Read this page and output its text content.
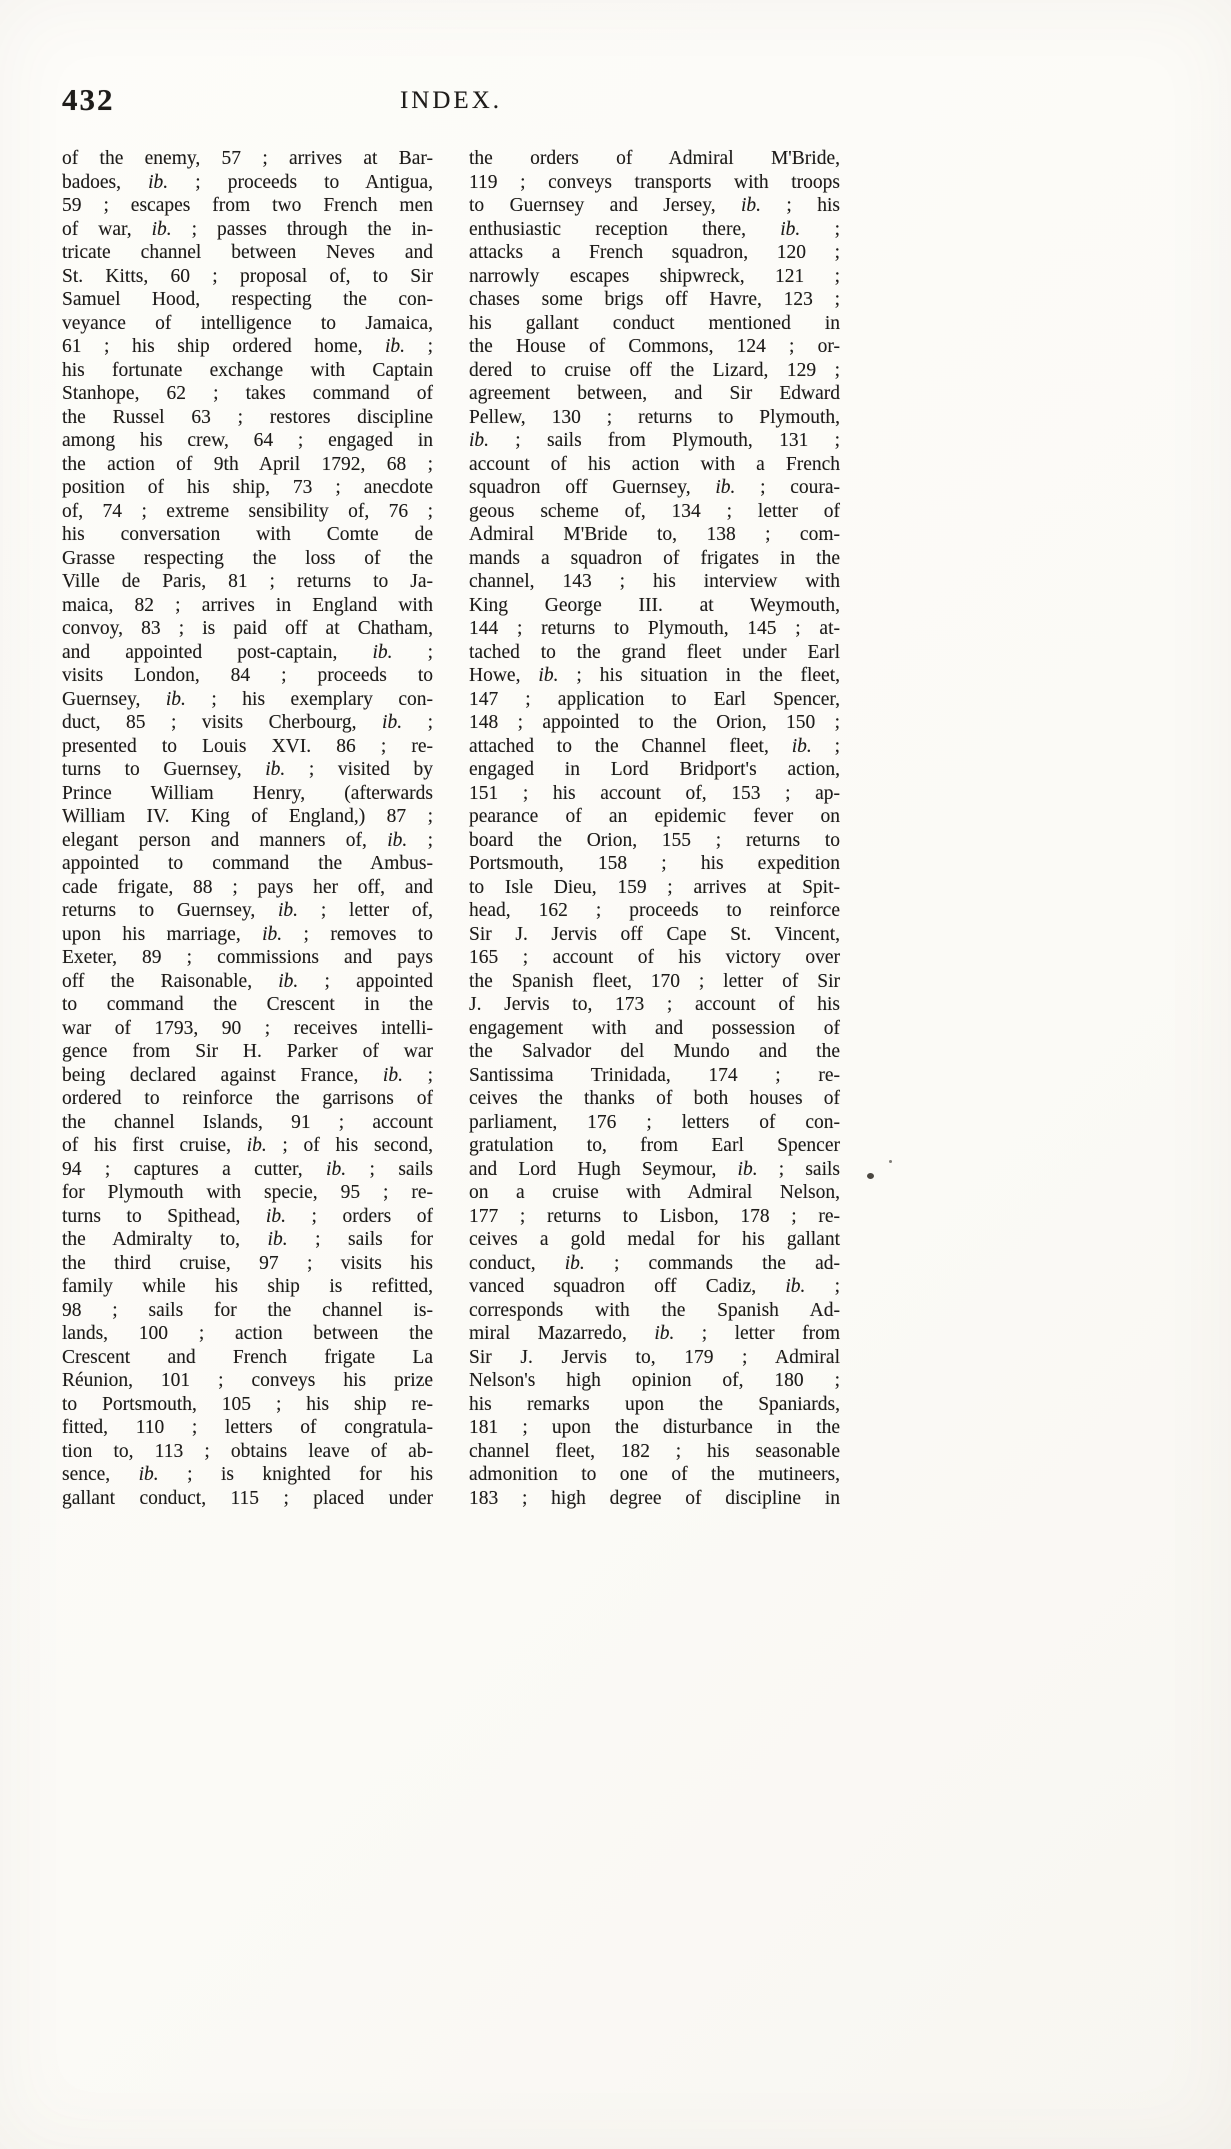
432	INDEX.
of the enemy, 57 ; arrives at Bar-
badoes, ib. ; proceeds to Antigua,
59 ; escapes from two French men
of war, ib. ; passes through the in-
tricate channel between Neves and
St. Kitts, 60 ; proposal of, to Sir
Samuel Hood, respecting the con-
veyance of intelligence to Jamaica,
61 ; his ship ordered home, ib. ;
his fortunate exchange with Captain
Stanhope, 62 ; takes command of
the Russel 63 ; restores discipline
among his crew, 64 ; engaged in
the action of 9th April 1792, 68 ;
position of his ship, 73 ; anecdote
of, 74 ; extreme sensibility of, 76 ;
his conversation with Comte de
Grasse respecting the loss of the
Ville de Paris, 81 ; returns to Ja-
maica, 82 ; arrives in England with
convoy, 83 ; is paid off at Chatham,
and appointed post-captain, ib. ;
visits London, 84 ; proceeds to
Guernsey, ib. ; his exemplary con-
duct, 85 ; visits Cherbourg, ib. ;
presented to Louis XVI. 86 ; re-
turns to Guernsey, ib. ; visited by
Prince William Henry, (afterwards
William IV. King of England,) 87 ;
elegant person and manners of, ib. ;
appointed to command the Ambus-
cade frigate, 88 ; pays her off, and
returns to Guernsey, ib. ; letter of,
upon his marriage, ib. ; removes to
Exeter, 89 ; commissions and pays
off the Raisonable, ib. ; appointed
to command the Crescent in the
war of 1793, 90 ; receives intelli-
gence from Sir H. Parker of war
being declared against France, ib. ;
ordered to reinforce the garrisons of
the channel Islands, 91 ; account
of his first cruise, ib. ; of his second,
94 ; captures a cutter, ib. ; sails
for Plymouth with specie, 95 ; re-
turns to Spithead, ib. ; orders of
the Admiralty to, ib. ; sails for
the third cruise, 97 ; visits his
family while his ship is refitted,
98 ; sails for the channel is-
lands, 100 ; action between the
Crescent and French frigate La
Réunion, 101 ; conveys his prize
to Portsmouth, 105 ; his ship re-
fitted, 110 ; letters of congratula-
tion to, 113 ; obtains leave of ab-
sence, ib. ; is knighted for his
gallant conduct, 115 ; placed under
the orders of Admiral M'Bride,
119 ; conveys transports with troops
to Guernsey and Jersey, ib. ; his
enthusiastic reception there, ib. ;
attacks a French squadron, 120 ;
narrowly escapes shipwreck, 121 ;
chases some brigs off Havre, 123 ;
his gallant conduct mentioned in
the House of Commons, 124 ; or-
dered to cruise off the Lizard, 129 ;
agreement between, and Sir Edward
Pellew, 130 ; returns to Plymouth,
ib. ; sails from Plymouth, 131 ;
account of his action with a French
squadron off Guernsey, ib. ; coura-
geous scheme of, 134 ; letter of
Admiral M'Bride to, 138 ; com-
mands a squadron of frigates in the
channel, 143 ; his interview with
King George III. at Weymouth,
144 ; returns to Plymouth, 145 ; at-
tached to the grand fleet under Earl
Howe, ib. ; his situation in the fleet,
147 ; application to Earl Spencer,
148 ; appointed to the Orion, 150 ;
attached to the Channel fleet, ib. ;
engaged in Lord Bridport's action,
151 ; his account of, 153 ; ap-
pearance of an epidemic fever on
board the Orion, 155 ; returns to
Portsmouth, 158 ; his expedition
to Isle Dieu, 159 ; arrives at Spit-
head, 162 ; proceeds to reinforce
Sir J. Jervis off Cape St. Vincent,
165 ; account of his victory over
the Spanish fleet, 170 ; letter of Sir
J. Jervis to, 173 ; account of his
engagement with and possession of
the Salvador del Mundo and the
Santissima Trinidada, 174 ; re-
ceives the thanks of both houses of
parliament, 176 ; letters of con-
gratulation to, from Earl Spencer
and Lord Hugh Seymour, ib. ; sails
on a cruise with Admiral Nelson,
177 ; returns to Lisbon, 178 ; re-
ceives a gold medal for his gallant
conduct, ib. ; commands the ad-
vanced squadron off Cadiz, ib. ;
corresponds with the Spanish Ad-
miral Mazarredo, ib. ; letter from
Sir J. Jervis to, 179 ; Admiral
Nelson's high opinion of, 180 ;
his remarks upon the Spaniards,
181 ; upon the disturbance in the
channel fleet, 182 ; his seasonable
admonition to one of the mutineers,
183 ; high degree of discipline in
